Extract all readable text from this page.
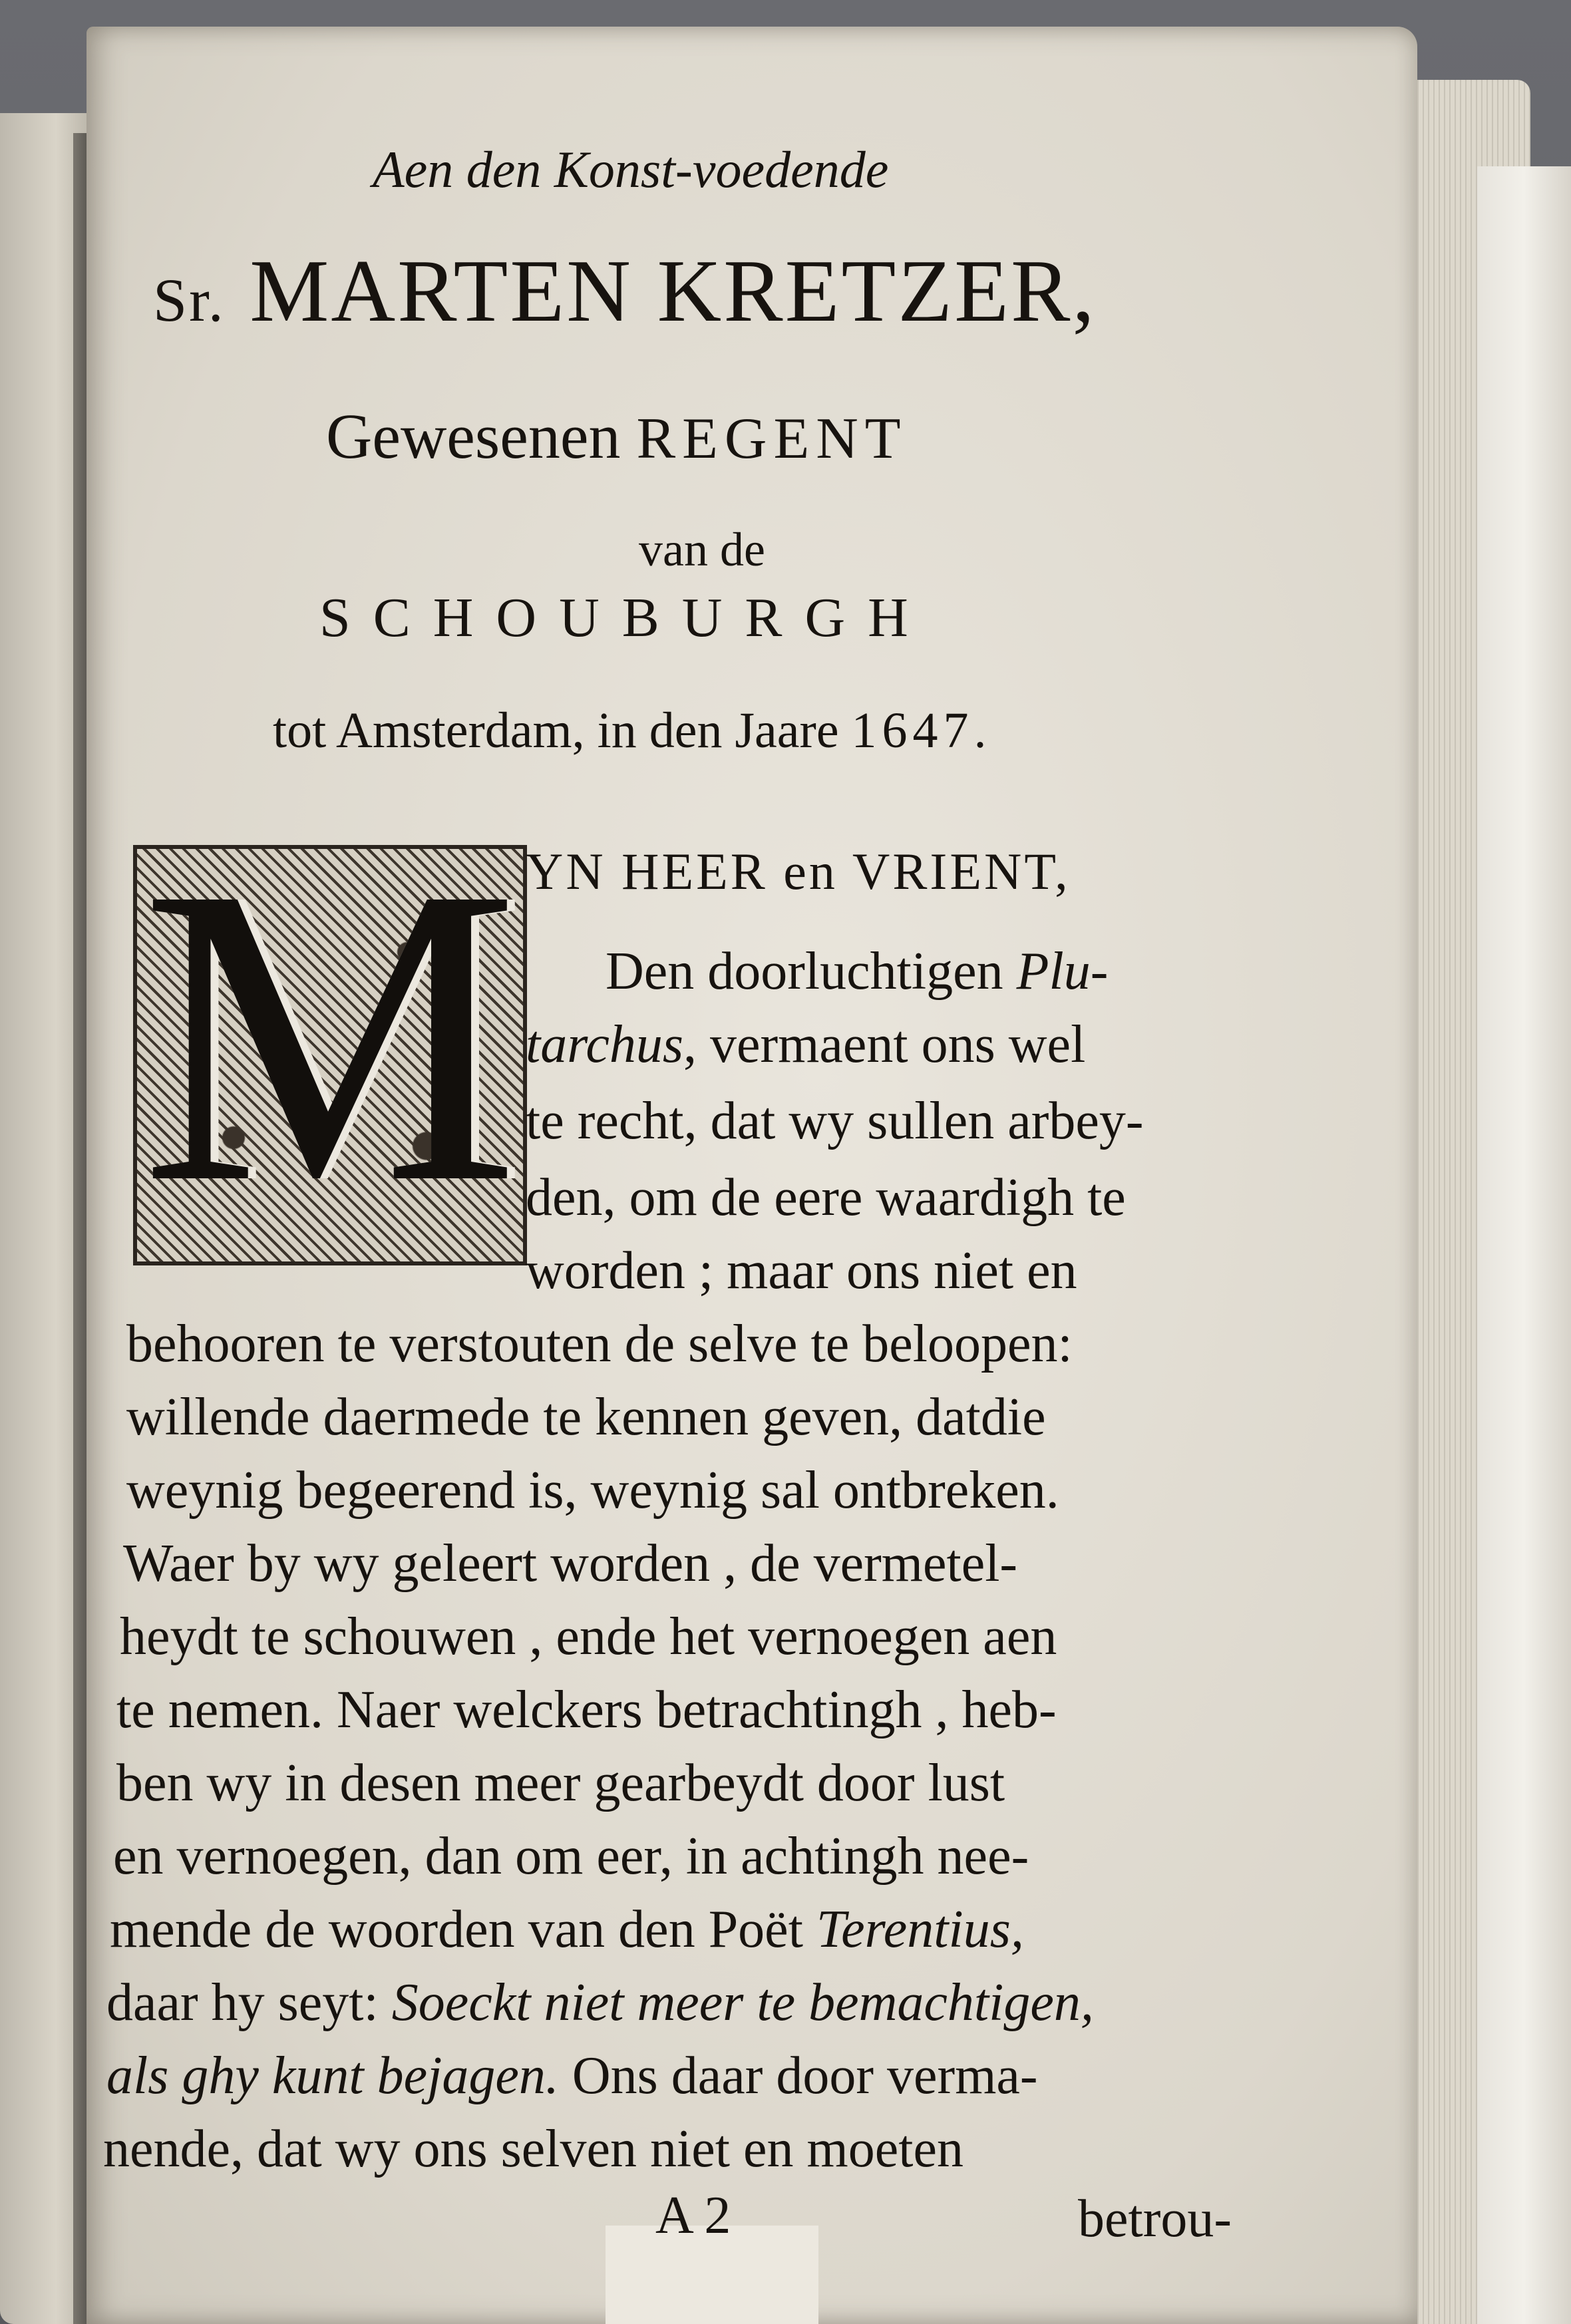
Aen den Konst-voedende
Sr. MARTEN KRETZER,
Gewesenen REGENT
van de
SCHOUBURGH
tot Amsterdam, in den Jaare 1647.
M YN HEER en VRIENT,
Den doorluchtigen Plu-
tarchus, vermaent ons wel
te recht, dat wy sullen arbey-
den, om de eere waardigh te
worden ; maar ons niet en
behooren te verstouten de selve te beloopen:
willende daermede te kennen geven, datdie
weynig begeerend is, weynig sal ontbreken.
Waer by wy geleert worden , de vermetel-
heydt te schouwen , ende het vernoegen aen
te nemen. Naer welckers betrachtingh , heb-
ben wy in desen meer gearbeydt door lust
en vernoegen, dan om eer, in achtingh nee-
mende de woorden van den Poët Terentius,
daar hy seyt: Soeckt niet meer te bemachtigen,
als ghy kunt bejagen. Ons daar door verma-
nende, dat wy ons selven niet en moeten
A 2	betrou-
